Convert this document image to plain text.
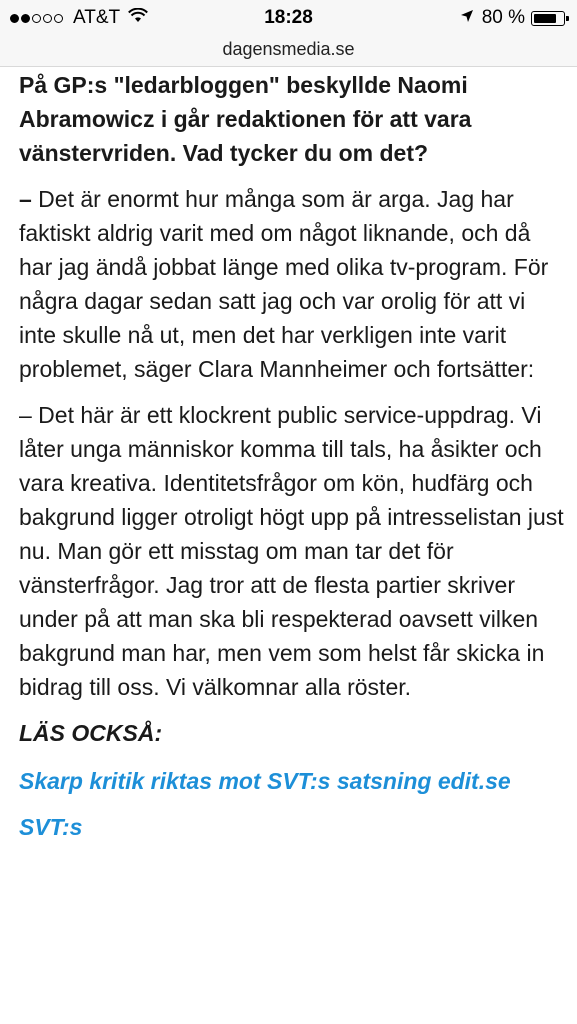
AT&T	18:28	80 %
dagensmedia.se

På GP:s "ledarbloggen" beskyllde Naomi Abramowicz i går redaktionen för att vara vänstervriden. Vad tycker du om det?

– Det är enormt hur många som är arga. Jag har faktiskt aldrig varit med om något liknande, och då har jag ändå jobbat länge med olika tv-program. För några dagar sedan satt jag och var orolig för att vi inte skulle nå ut, men det har verkligen inte varit problemet, säger Clara Mannheimer och fortsätter:

– Det här är ett klockrent public service-uppdrag. Vi låter unga människor komma till tals, ha åsikter och vara kreativa. Identitetsfrågor om kön, hudfärg och bakgrund ligger otroligt högt upp på intresselistan just nu. Man gör ett misstag om man tar det för vänsterfrågor. Jag tror att de flesta partier skriver under på att man ska bli respekterad oavsett vilken bakgrund man har, men vem som helst får skicka in bidrag till oss. Vi välkomnar alla röster.

LÄS OCKSÅ:
Skarp kritik riktas mot SVT:s satsning edit.se
SVT:s
